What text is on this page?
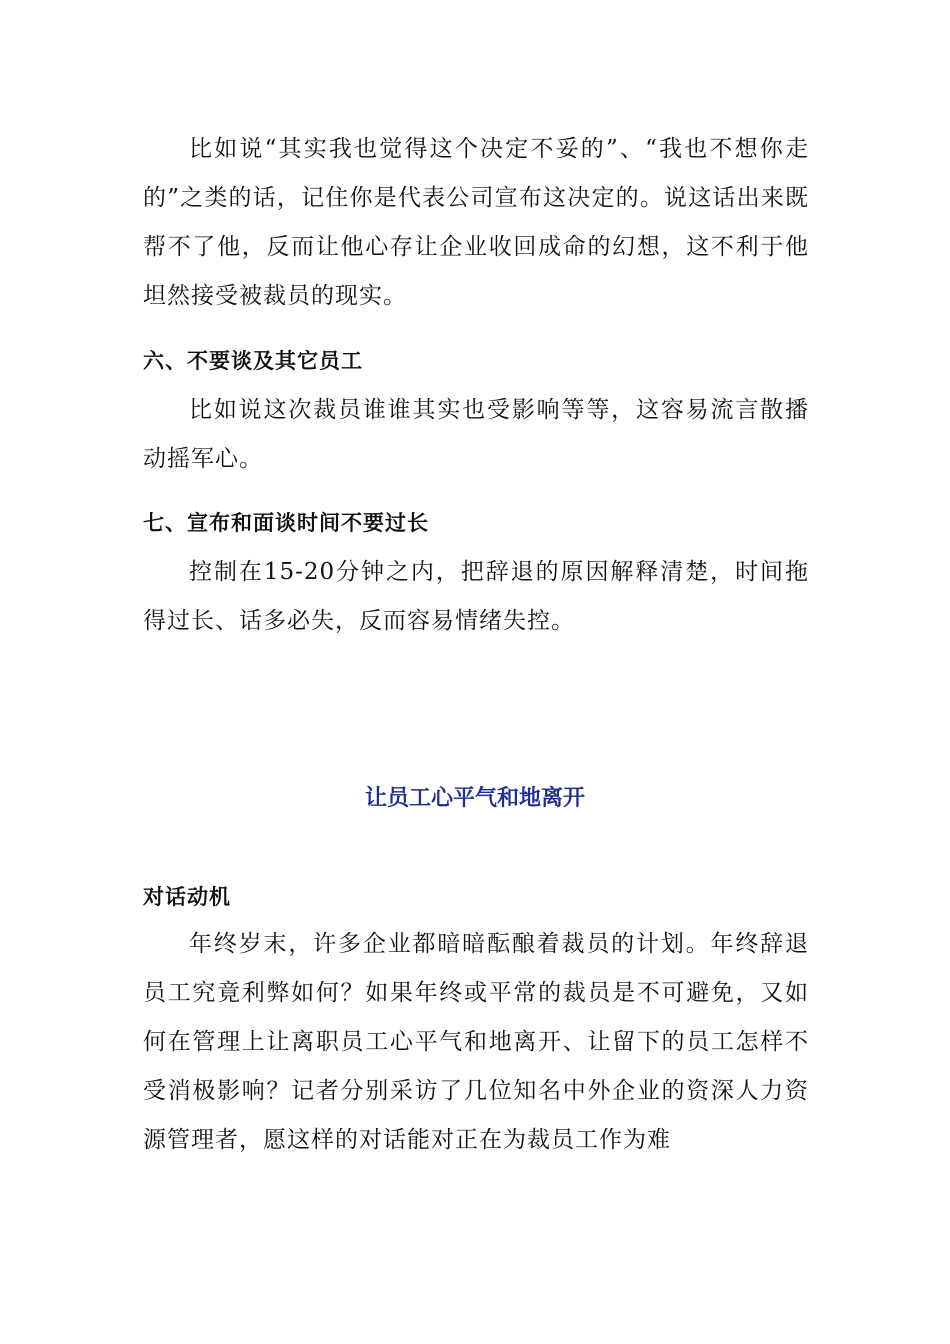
比如说“其实我也觉得这个决定不妥的”、“我也不想你走的”之类的话，记住你是代表公司宣布这决定的。说这话出来既帮不了他，反而让他心存让企业收回成命的幻想，这不利于他坦然接受被裁员的现实。

六、不要谈及其它员工

比如说这次裁员谁谁其实也受影响等等，这容易流言散播动摇军心。

七、宣布和面谈时间不要过长

控制在15-20分钟之内，把辞退的原因解释清楚，时间拖得过长、话多必失，反而容易情绪失控。

让员工心平气和地离开

对话动机

年终岁末，许多企业都暗暗酝酿着裁员的计划。年终辞退员工究竟利弊如何？如果年终或平常的裁员是不可避免，又如何在管理上让离职员工心平气和地离开、让留下的员工怎样不受消极影响？记者分别采访了几位知名中外企业的资深人力资源管理者，愿这样的对话能对正在为裁员工作为难
